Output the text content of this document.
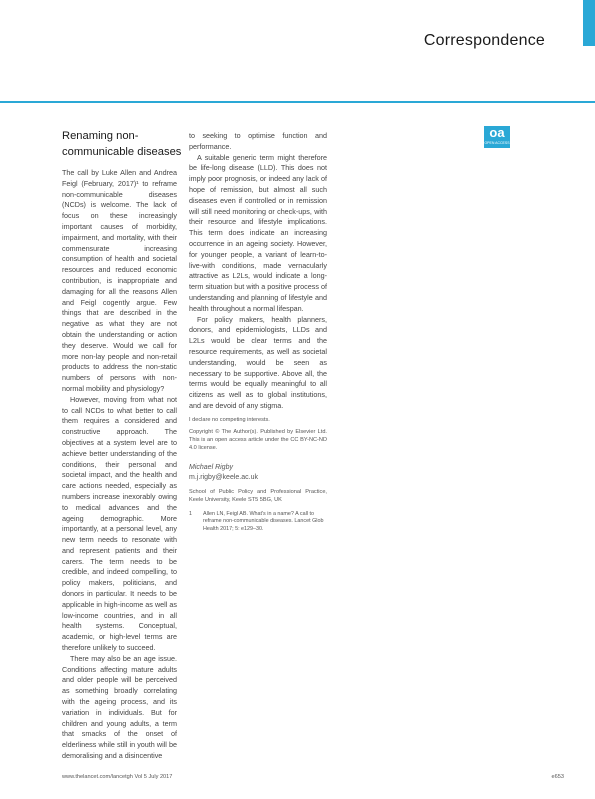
Correspondence
oa
OPEN ACCESS
Renaming non-communicable diseases

The call by Luke Allen and Andrea Feigl (February, 2017)¹ to reframe non-communicable diseases (NCDs) is welcome. The lack of focus on these increasingly important causes of morbidity, impairment, and mortality, with their commensurate increasing consumption of health and societal resources and reduced economic contribution, is inappropriate and damaging for all the reasons Allen and Feigl cogently argue. Few things that are described in the negative as what they are not obtain the understanding or action they deserve. Would we call for more non-lay people and non-retail products to address the non-static numbers of persons with non-normal mobility and physiology?

However, moving from what not to call NCDs to what better to call them requires a considered and constructive approach. The objectives at a system level are to achieve better understanding of the conditions, their personal and societal impact, and the health and care actions needed, especially as numbers increase inexorably owing to medical advances and the ageing demographic. More importantly, at a personal level, any new term needs to resonate with and represent patients and their carers. The term needs to be credible, and indeed compelling, to policy makers, politicians, and donors in particular. It needs to be applicable in high-income as well as low-income countries, and in all health systems. Conceptual, academic, or high-level terms are therefore unlikely to succeed.

There may also be an age issue. Conditions affecting mature adults and older people will be perceived as something broadly correlating with the ageing process, and its variation in individuals. But for children and young adults, a term that smacks of the onset of elderliness while still in youth will be demoralising and a disincentive

to seeking to optimise function and performance.

A suitable generic term might therefore be life-long disease (LLD). This does not imply poor prognosis, or indeed any lack of hope of remission, but almost all such diseases even if controlled or in remission will still need monitoring or check-ups, with their resource and lifestyle implications. This term does indicate an increasing occurrence in an ageing society. However, for younger people, a variant of learn-to-live-with conditions, made vernacularly attractive as L2Ls, would indicate a long-term situation but with a positive process of understanding and planning of lifestyle and health throughout a normal lifespan.

For policy makers, health planners, donors, and epidemiologists, LLDs and L2Ls would be clear terms and the resource requirements, as well as societal understanding, would be seen as necessary to be supportive. Above all, the terms would be equally meaningful to all citizens as well as to global institutions, and are devoid of any stigma.

I declare no competing interests.

Copyright © The Author(s). Published by Elsevier Ltd. This is an open access article under the CC BY-NC-ND 4.0 license.

Michael Rigby

m.j.rigby@keele.ac.uk

School of Public Policy and Professional Practice, Keele University, Keele ST5 5BG, UK

1	Allen LN, Feigl AB. What's in a name? A call to reframe non-communicable diseases. Lancet Glob Health 2017; 5: e129–30.
www.thelancet.com/lancetgh Vol 5 July 2017	e653
